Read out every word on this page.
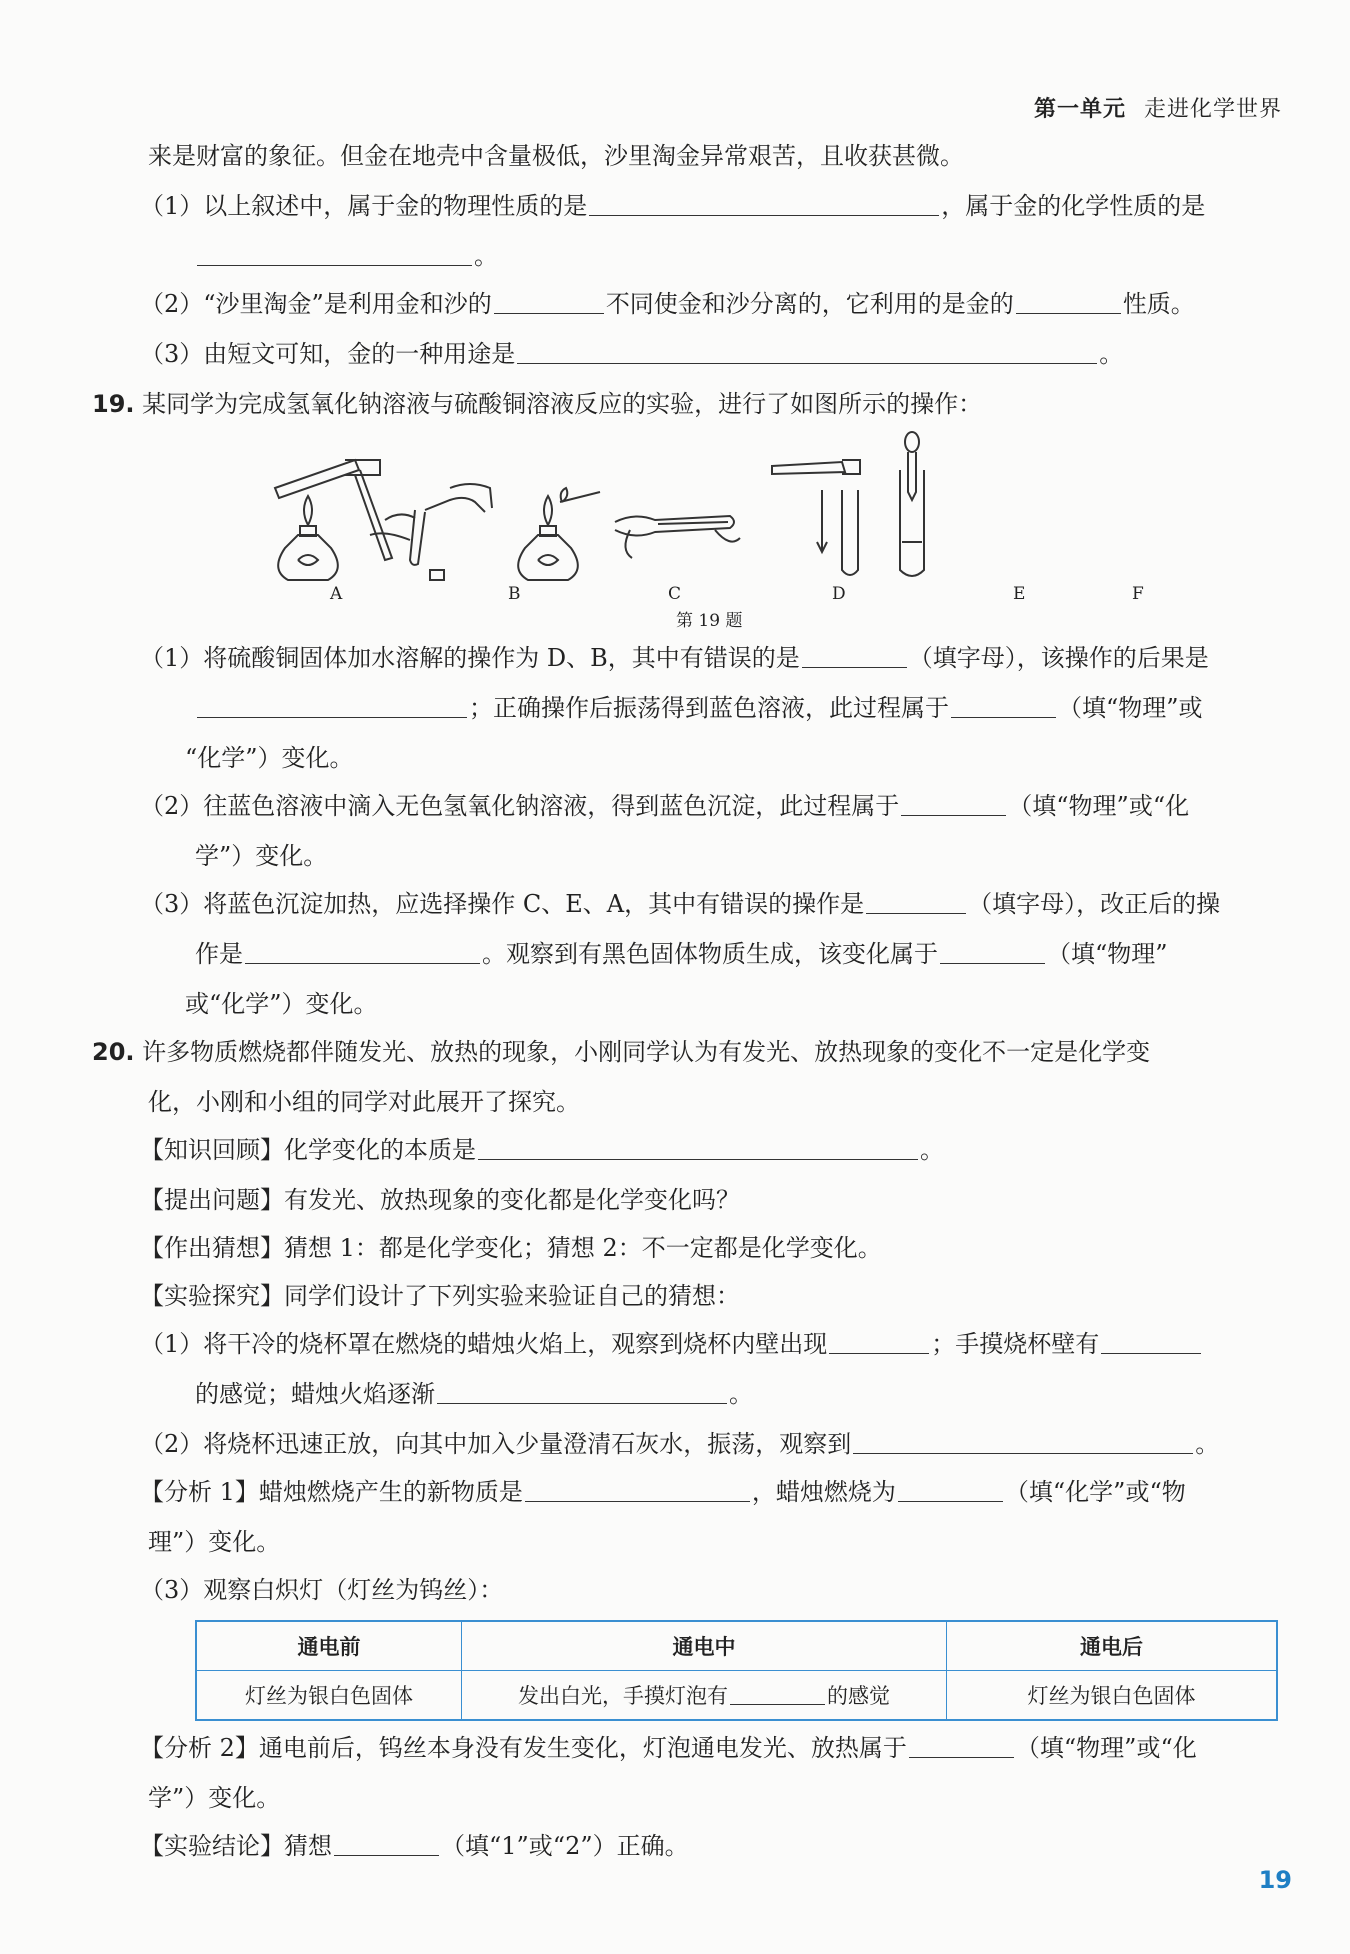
第一单元 走进化学世界
来是财富的象征。但金在地壳中含量极低，沙里淘金异常艰苦，且收获甚微。
（1）以上叙述中，属于金的物理性质的是	，属于金的化学性质的是
。
（2）“沙里淘金”是利用金和沙的	不同使金和沙分离的，它利用的是金的	性质。
（3）由短文可知，金的一种用途是	。
19. 某同学为完成氢氧化钠溶液与硫酸铜溶液反应的实验，进行了如图所示的操作：
A	B	C	D	E	F
第 19 题
（1）将硫酸铜固体加水溶解的操作为 D、B，其中有错误的是	（填字母），该操作的后果是
；正确操作后振荡得到蓝色溶液，此过程属于	（填“物理”或
“化学”）变化。
（2）往蓝色溶液中滴入无色氢氧化钠溶液，得到蓝色沉淀，此过程属于	（填“物理”或“化
学”）变化。
（3）将蓝色沉淀加热，应选择操作 C、E、A，其中有错误的操作是	（填字母），改正后的操
作是	。观察到有黑色固体物质生成，该变化属于	（填“物理”
或“化学”）变化。
20. 许多物质燃烧都伴随发光、放热的现象，小刚同学认为有发光、放热现象的变化不一定是化学变
化，小刚和小组的同学对此展开了探究。
【知识回顾】化学变化的本质是	。
【提出问题】有发光、放热现象的变化都是化学变化吗？
【作出猜想】猜想 1：都是化学变化；猜想 2：不一定都是化学变化。
【实验探究】同学们设计了下列实验来验证自己的猜想：
（1）将干冷的烧杯罩在燃烧的蜡烛火焰上，观察到烧杯内壁出现	；手摸烧杯壁有
的感觉；蜡烛火焰逐渐	。
（2）将烧杯迅速正放，向其中加入少量澄清石灰水，振荡，观察到	。
【分析 1】蜡烛燃烧产生的新物质是	，蜡烛燃烧为	（填“化学”或“物
理”）变化。
（3）观察白炽灯（灯丝为钨丝）：
通电前	通电中	通电后
灯丝为银白色固体	发出白光，手摸灯泡有 的感觉	灯丝为银白色固体
【分析 2】通电前后，钨丝本身没有发生变化，灯泡通电发光、放热属于	（填“物理”或“化
学”）变化。
【实验结论】猜想	（填“1”或“2”）正确。
19
